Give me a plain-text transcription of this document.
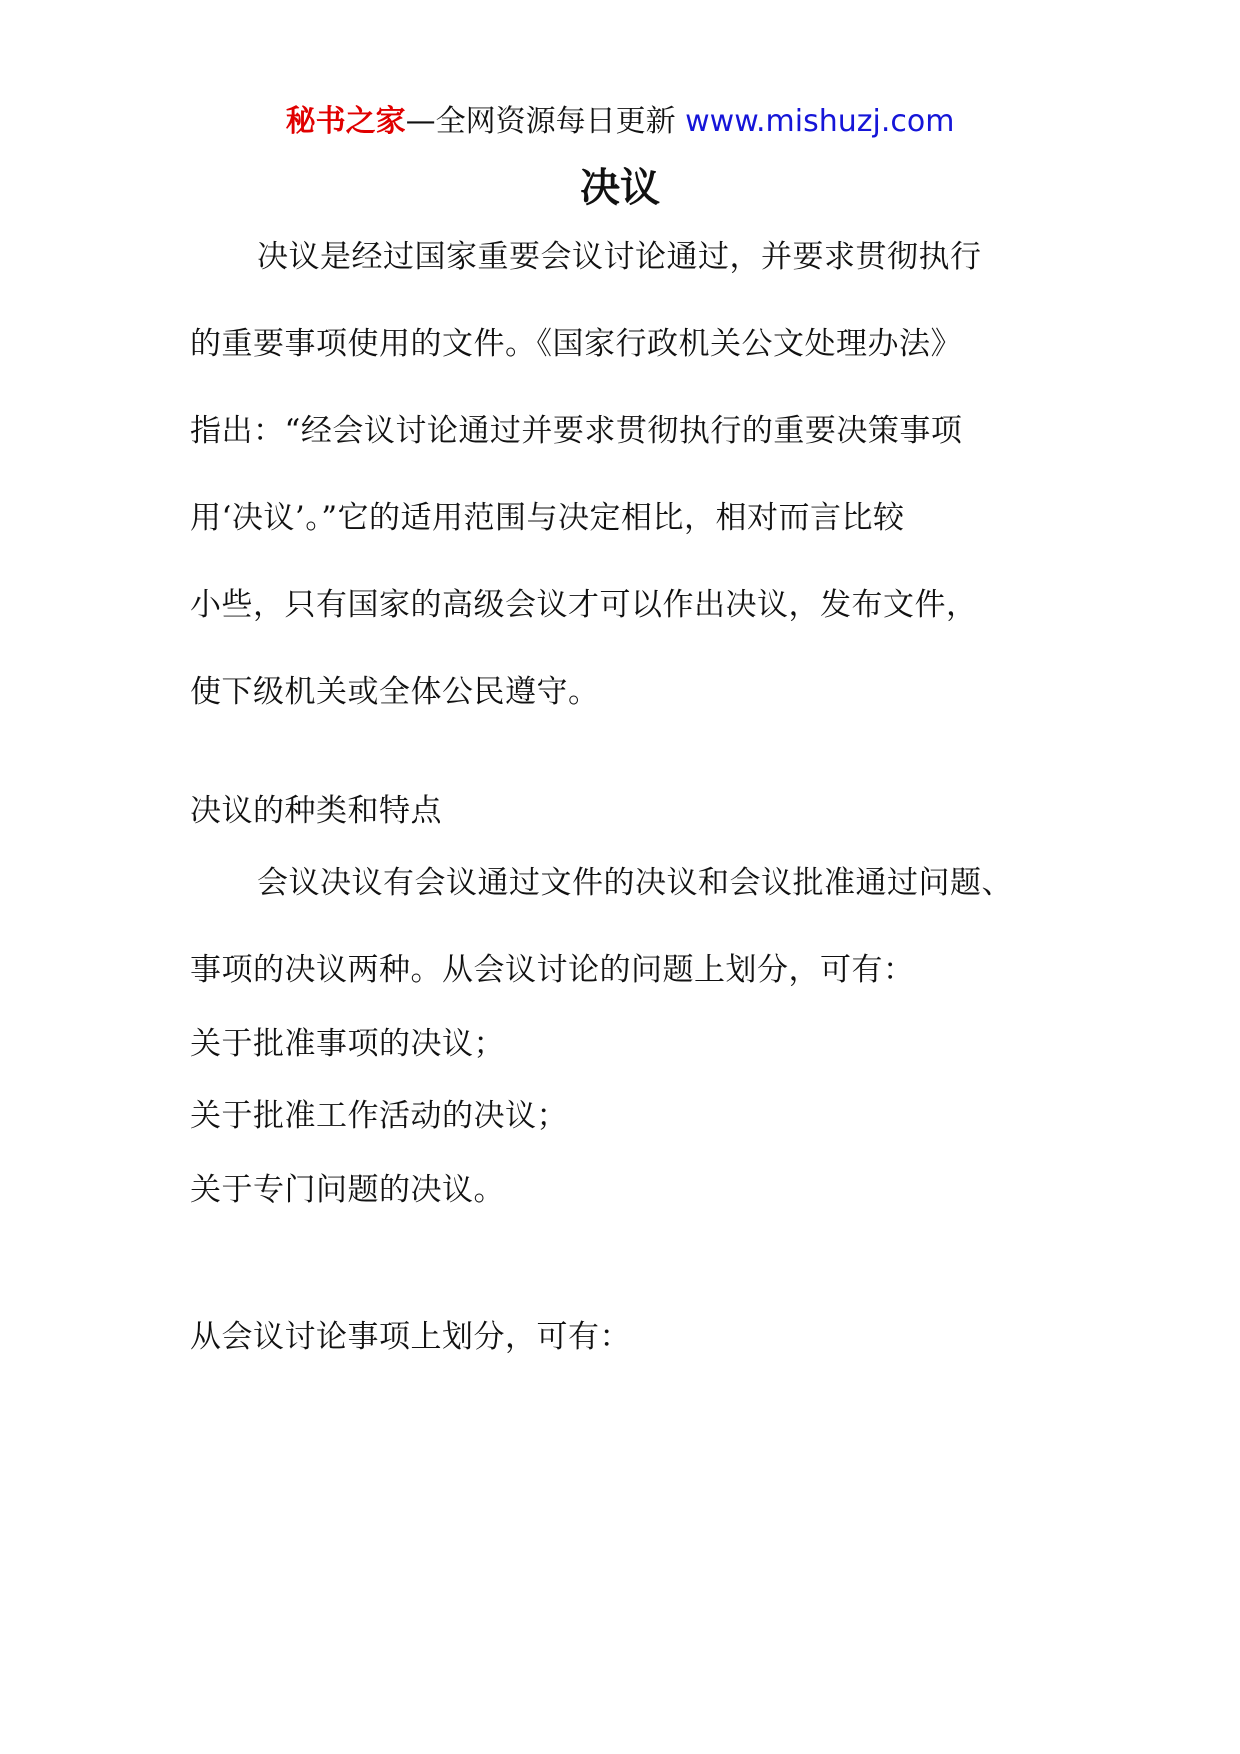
秘书之家—全网资源每日更新 www.mishuzj.com
决议
决议是经过国家重要会议讨论通过，并要求贯彻执行
的重要事项使用的文件。《国家行政机关公文处理办法》
指出：“经会议讨论通过并要求贯彻执行的重要决策事项
用‘决议’。”它的适用范围与决定相比，相对而言比较
小些，只有国家的高级会议才可以作出决议，发布文件，
使下级机关或全体公民遵守。
决议的种类和特点
会议决议有会议通过文件的决议和会议批准通过问题、
事项的决议两种。从会议讨论的问题上划分，可有：
关于批准事项的决议；
关于批准工作活动的决议；
关于专门问题的决议。
从会议讨论事项上划分，可有：
